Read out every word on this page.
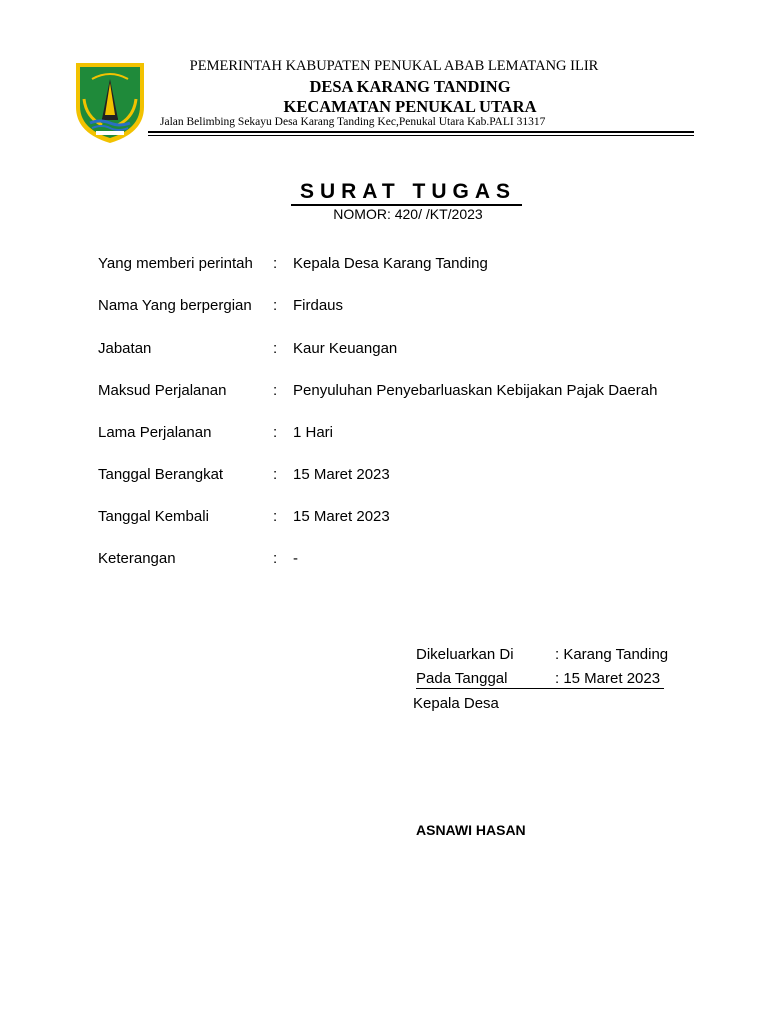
PEMERINTAH KABUPATEN PENUKAL ABAB LEMATANG ILIR
DESA KARANG TANDING
KECAMATAN PENUKAL UTARA
Jalan Belimbing Sekayu Desa Karang Tanding Kec,Penukal Utara Kab.PALI 31317
SURAT TUGAS
NOMOR: 420/ /KT/2023
Yang memberi perintah : Kepala Desa Karang Tanding
Nama Yang berpergian : Firdaus
Jabatan	: Kaur Keuangan
Maksud Perjalanan	: Penyuluhan Penyebarluaskan Kebijakan Pajak Daerah
Lama Perjalanan	: 1 Hari
Tanggal Berangkat	: 15 Maret 2023
Tanggal Kembali	: 15 Maret 2023
Keterangan	: -
Dikeluarkan Di	: Karang Tanding
Pada Tanggal	: 15 Maret 2023
Kepala Desa
ASNAWI HASAN
